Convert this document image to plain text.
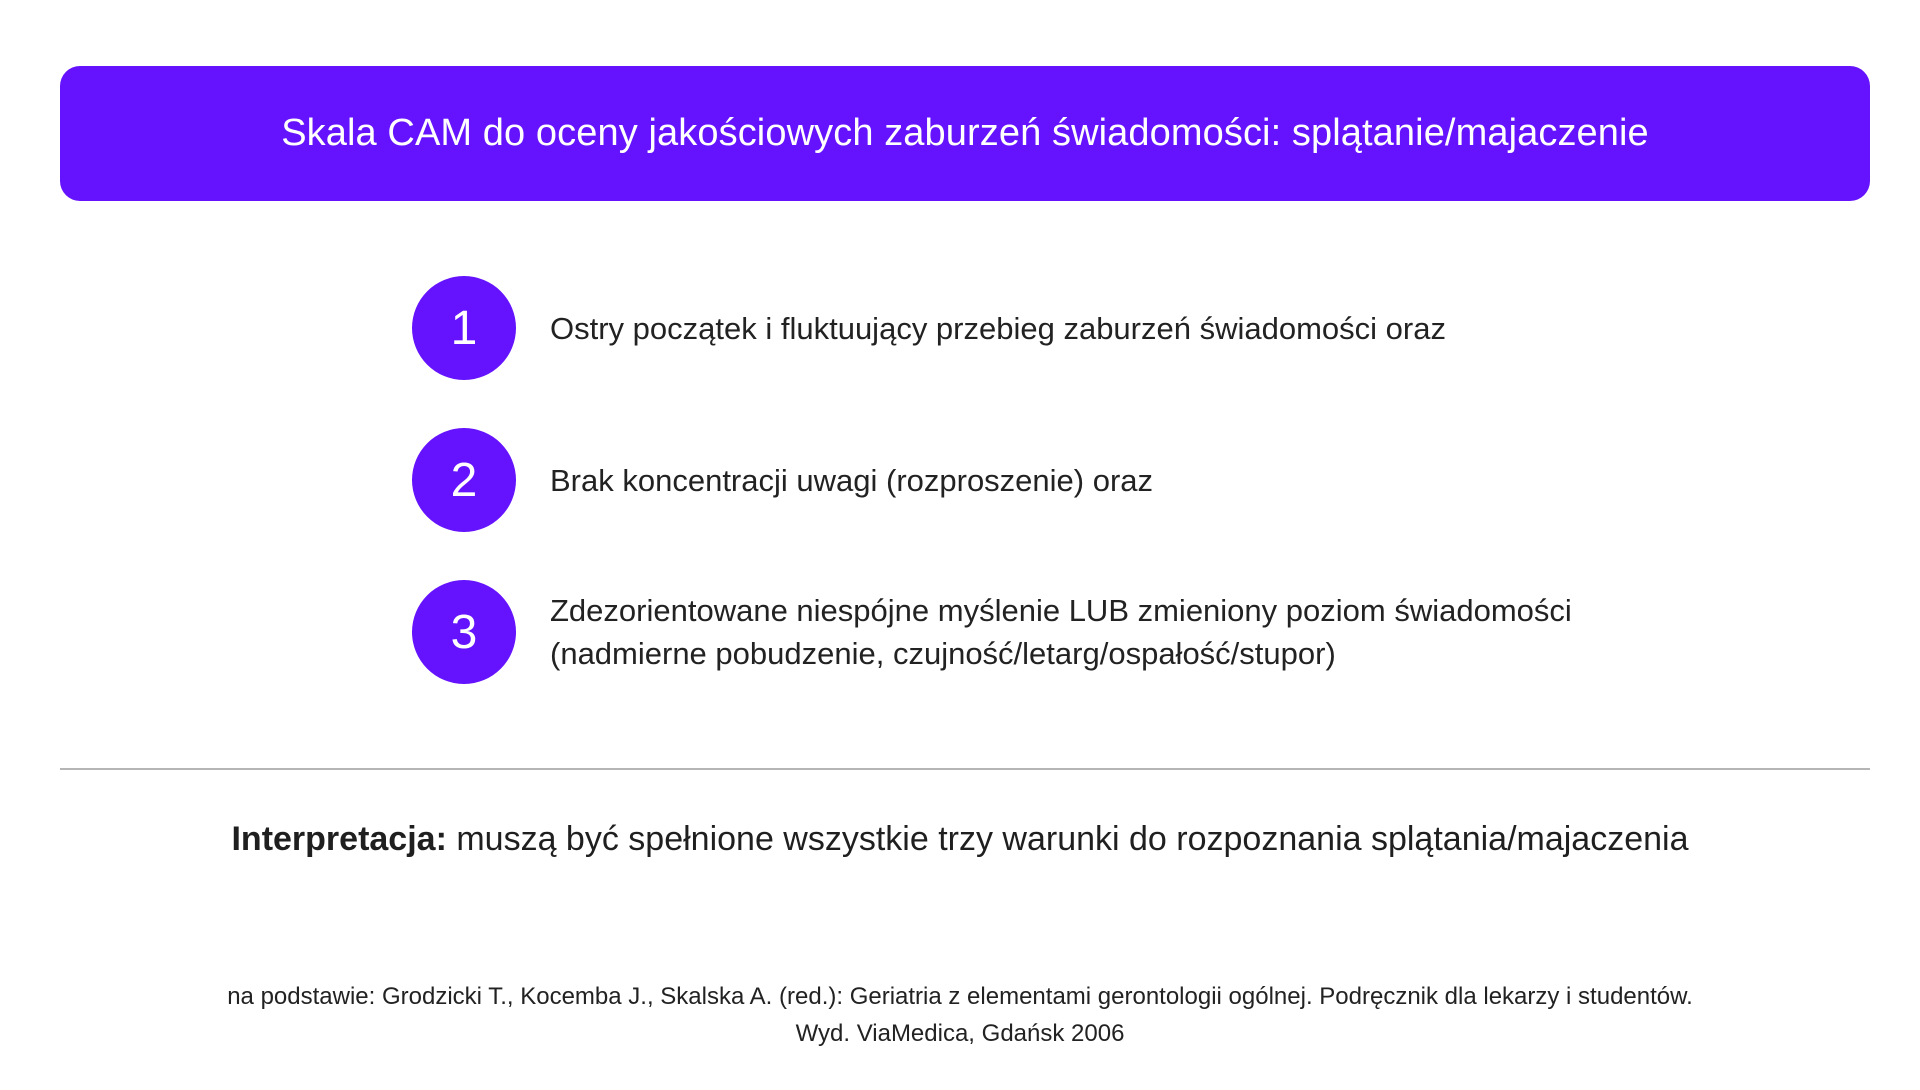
Skala CAM do oceny jakościowych zaburzeń świadomości: splątanie/majaczenie
1	Ostry początek i fluktuujący przebieg zaburzeń świadomości oraz
2	Brak koncentracji uwagi (rozproszenie) oraz
3	Zdezorientowane niespójne myślenie LUB zmieniony poziom świadomości (nadmierne pobudzenie, czujność/letarg/ospałość/stupor)
Interpretacja: muszą być spełnione wszystkie trzy warunki do rozpoznania splątania/majaczenia
na podstawie: Grodzicki T., Kocemba J., Skalska A. (red.): Geriatria z elementami gerontologii ogólnej. Podręcznik dla lekarzy i studentów.
Wyd. ViaMedica, Gdańsk 2006
